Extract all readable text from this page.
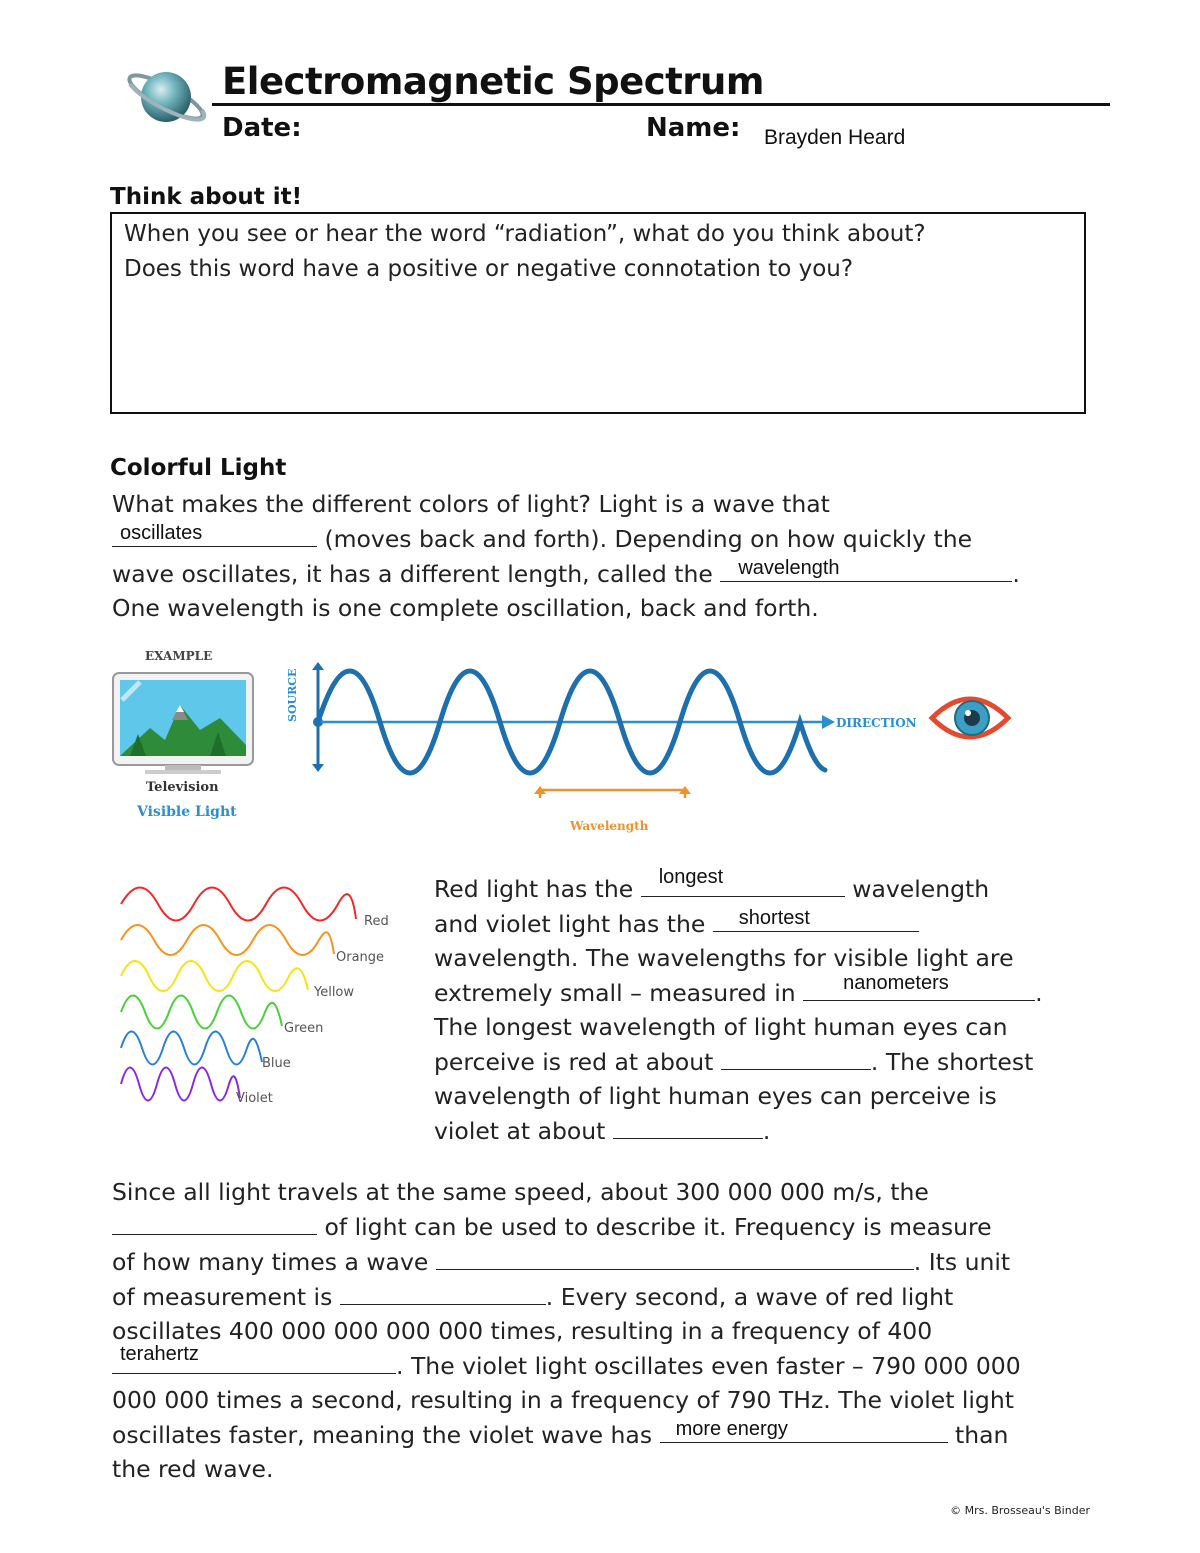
Electromagnetic Spectrum
Date:	Name: Brayden Heard
Think about it!
When you see or hear the word “radiation”, what do you think about?
Does this word have a positive or negative connotation to you?
Colorful Light
What makes the different colors of light? Light is a wave that
oscillates	(moves back and forth). Depending on how quickly the
wave oscillates, it has a different length, called the wavelength	.
One wavelength is one complete oscillation, back and forth.
EXAMPLE
Television
Visible Light
SOURCE
DIRECTION
Wavelength
Red
Orange
Yellow
Green
Blue
Violet
Red light has the longest	wavelength
and violet light has the shortest
wavelength. The wavelengths for visible light are
extremely small – measured in nanometers	.
The longest wavelength of light human eyes can
perceive is red at about	. The shortest
wavelength of light human eyes can perceive is
violet at about	.
Since all light travels at the same speed, about 300 000 000 m/s, the
of light can be used to describe it. Frequency is measure
of how many times a wave	. Its unit
of measurement is	. Every second, a wave of red light
oscillates 400 000 000 000 000 times, resulting in a frequency of 400
terahertz	. The violet light oscillates even faster – 790 000 000
000 000 times a second, resulting in a frequency of 790 THz. The violet light
oscillates faster, meaning the violet wave has more energy	than
the red wave.
© Mrs. Brosseau's Binder
